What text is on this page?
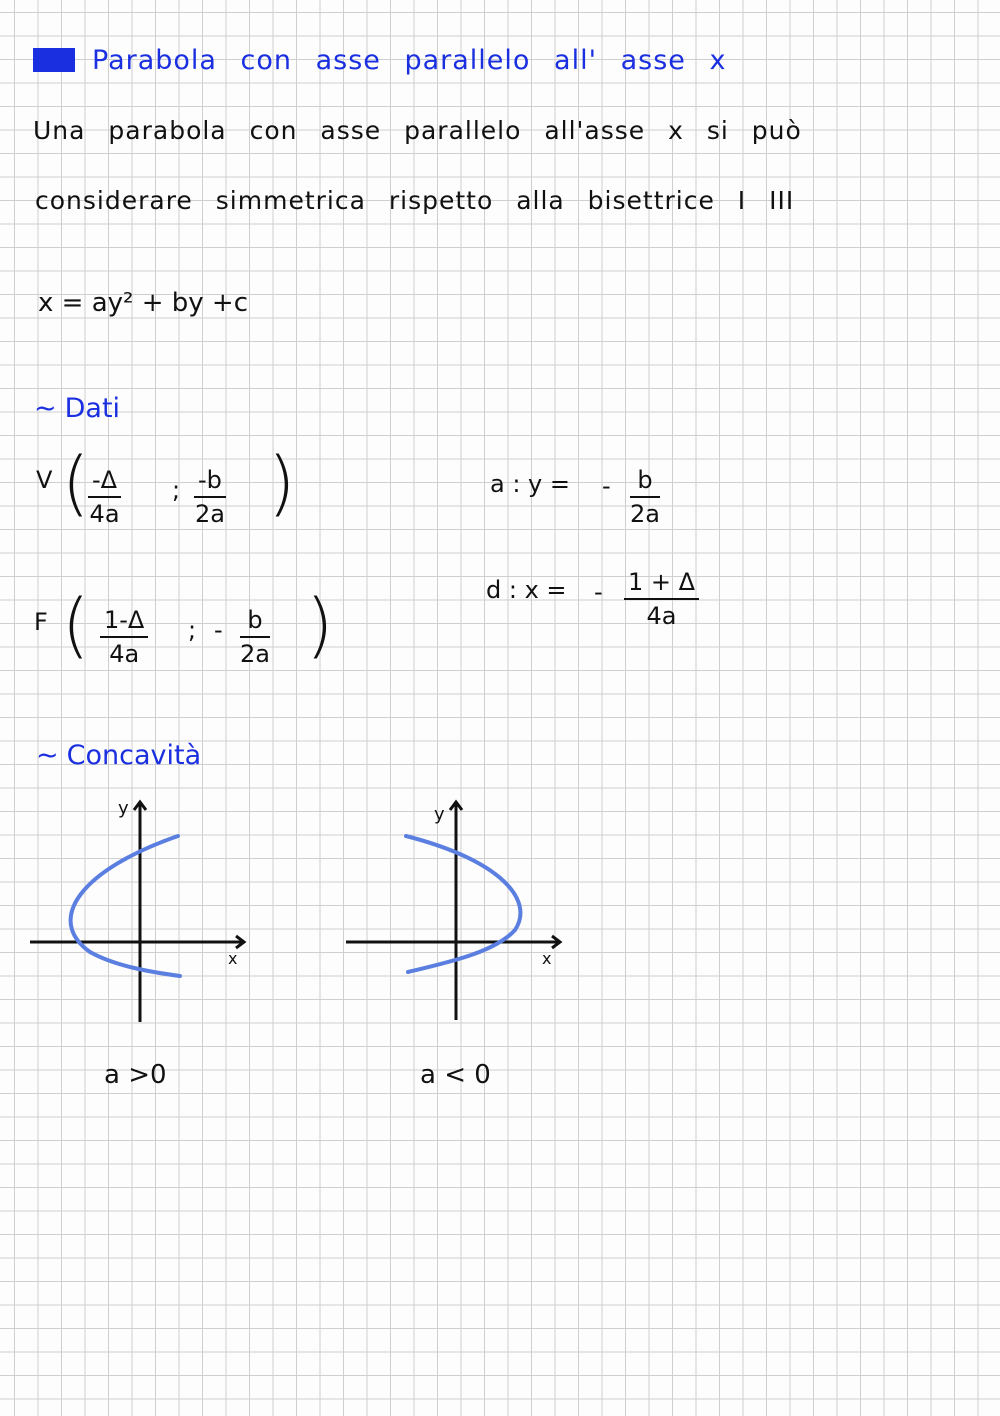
Parabola con asse parallelo all' asse x
Una parabola con asse parallelo all'asse x si può
considerare simmetrica rispetto alla bisettrice I III
x = ay² + by +c
∼ Dati
V (
$\frac{-\Delta}{4a}$ ; $\frac{-b}{2a}$ )
F ( $\frac{1-\Delta}{4a}$ ; - $\frac{b}{2a}$ )
a : y = - $\frac{b}{2a}$
d : x = - $\frac{1 + \Delta}{4a}$
∼ Concavità
y
x
a >0
y
x
a < 0
